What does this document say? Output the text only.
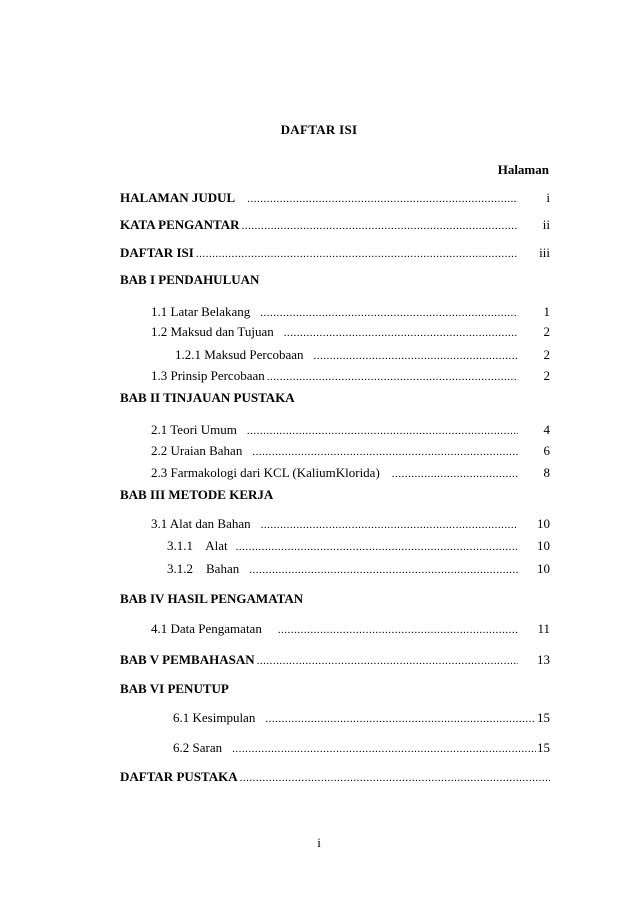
DAFTAR ISI
Halaman
HALAMAN JUDUL .....	i
KATA PENGANTAR .....	ii
DAFTAR ISI .....	iii
BAB I PENDAHULUAN
1.1 Latar Belakang .....	1
1.2 Maksud dan Tujuan .....	2
1.2.1 Maksud Percobaan .....	2
1.3 Prinsip Percobaan .....	2
BAB II TINJAUAN PUSTAKA
2.1 Teori Umum .....	4
2.2 Uraian Bahan .....	6
2.3 Farmakologi dari KCL (KaliumKlorida) .....	8
BAB III METODE KERJA
3.1 Alat dan Bahan .....	10
3.1.1    Alat .....	10
3.1.2    Bahan .....	10
BAB IV HASIL PENGAMATAN
4.1 Data Pengamatan .....	11
BAB V PEMBAHASAN .....	13
BAB VI PENUTUP
6.1 Kesimpulan .....	15
6.2 Saran .....	15
DAFTAR PUSTAKA
.....
i
